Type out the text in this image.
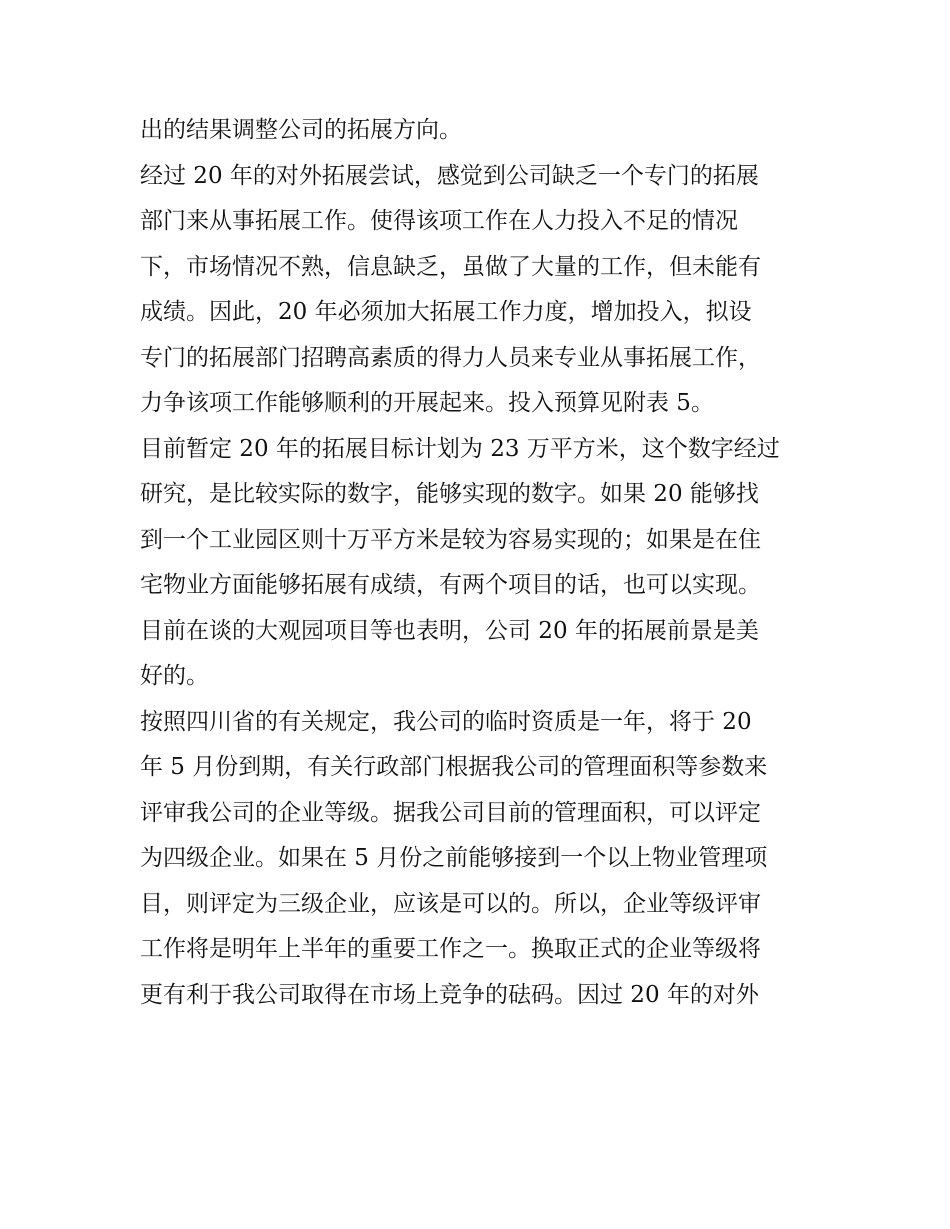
出的结果调整公司的拓展方向。
经过 20 年的对外拓展尝试，感觉到公司缺乏一个专门的拓展
部门来从事拓展工作。使得该项工作在人力投入不足的情况
下，市场情况不熟，信息缺乏，虽做了大量的工作，但未能有
成绩。因此，20 年必须加大拓展工作力度，增加投入，拟设
专门的拓展部门招聘高素质的得力人员来专业从事拓展工作，
力争该项工作能够顺利的开展起来。投入预算见附表 5。
目前暂定 20 年的拓展目标计划为 23 万平方米，这个数字经过
研究，是比较实际的数字，能够实现的数字。如果 20 能够找
到一个工业园区则十万平方米是较为容易实现的；如果是在住
宅物业方面能够拓展有成绩，有两个项目的话，也可以实现。
目前在谈的大观园项目等也表明，公司 20 年的拓展前景是美
好的。
按照四川省的有关规定，我公司的临时资质是一年，将于 20
年 5 月份到期，有关行政部门根据我公司的管理面积等参数来
评审我公司的企业等级。据我公司目前的管理面积，可以评定
为四级企业。如果在 5 月份之前能够接到一个以上物业管理项
目，则评定为三级企业，应该是可以的。所以，企业等级评审
工作将是明年上半年的重要工作之一。换取正式的企业等级将
更有利于我公司取得在市场上竞争的砝码。因过 20 年的对外
